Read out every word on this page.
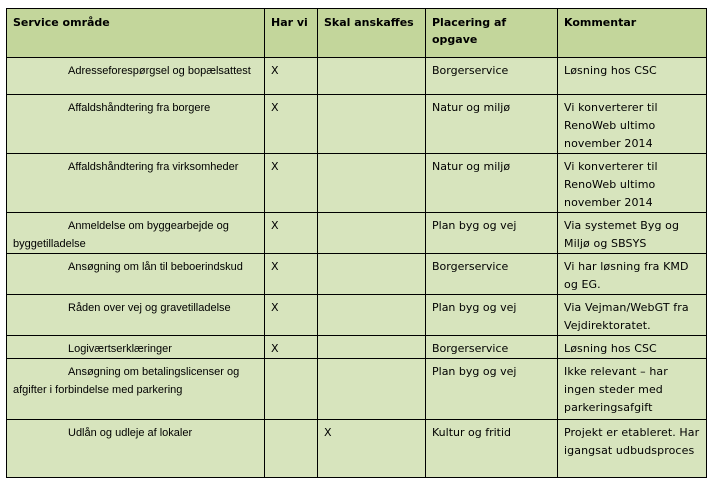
Service område	Har vi	Skal anskaffes	Placering af opgave	Kommentar
Adresseforespørgsel og bopælsattest	X		Borgerservice	Løsning hos CSC
Affaldshåndtering fra borgere	X		Natur og miljø	Vi konverterer til RenoWeb ultimo november 2014
Affaldshåndtering fra virksomheder	X		Natur og miljø	Vi konverterer til RenoWeb ultimo november 2014
Anmeldelse om byggearbejde og byggetilladelse	X		Plan byg og vej	Via systemet Byg og Miljø og SBSYS
Ansøgning om lån til beboerindskud	X		Borgerservice	Vi har løsning fra KMD og EG.
Råden over vej og gravetilladelse	X		Plan byg og vej	Via Vejman/WebGT fra Vejdirektoratet.
Logiværtserklæringer	X		Borgerservice	Løsning hos CSC
Ansøgning om betalingslicenser og afgifter i forbindelse med parkering			Plan byg og vej	Ikke relevant – har ingen steder med parkeringsafgift
Udlån og udleje af lokaler		X	Kultur og fritid	Projekt er etableret. Har igangsat udbudsproces
